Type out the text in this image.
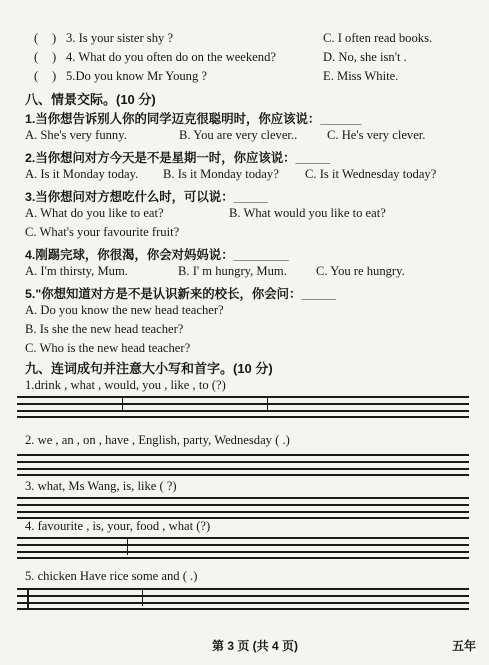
( 3. Is your sister shy ?	C. I often read books.
( 4. What do you often do on the weekend?	D. No, she isn't .
( 5.Do you know Mr Young ?	E. Miss White.
八、情景交际。(10 分)
1.当你想告诉别人你的同学迈克很聪明时，你应该说：______
A. She's very funny.	B. You are very clever.. C. He's very clever.
2.当你想问对方今天是不是星期一时，你应该说：_____
A. Is it Monday today. B. Is it Monday today? C. Is it Wednesday today?
3.当你想问对方想吃什么时，可以说：_____
A. What do you like to eat?	B. What would you like to eat?
C. What's your favourite fruit?
4.刚踢完球，你很渴，你会对妈妈说：________
A. I'm thirsty, Mum.	B. I' m hungry, Mum. C. You re hungry.
5."你想知道对方是不是认识新来的校长，你会问：_____
A. Do you know the new head teacher?
B. Is she the new head teacher?
C. Who is the new head teacher?
九、连词成句并注意大小写和首字。(10 分)
1.drink , what , would, you , like , to (?)
2. we , an , on , have , English, party, Wednesday ( .)
3. what, Ms Wang, is, like ( ?)
4. favourite , is, your, food , what (?)
5. chicken Have rice some and ( .)
第 3 页 (共 4 页)	五年
)
)
)
